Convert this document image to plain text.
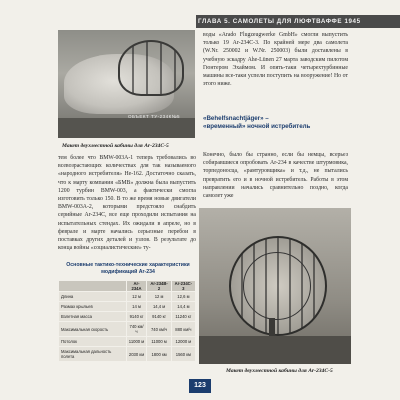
ГЛАВА 5. САМОЛЕТЫ ДЛЯ ЛЮФТВАФФЕ 1945
ОБЪЕКТ ТУ-234К№5
Макет двухместной кабины для Ar-234C-5
тем более что BMW-003A-1 теперь требовались во всевозрастающих количествах для так называемого «народного истребителя» He-162. Достаточно сказать, что к марту компания «БМВ» должна была выпустить 1200 турбин BMW-003, а фактически смогла изготовить только 150. В то же время новые двигатели BMW-003A-2, которыми предстояло снабдить серийные Ar-234C, все еще проходили испытания на испытательных стендах. Их ожидали в апреле, но в феврале и марте начались серьезные перебои в поставках других деталей и узлов. В результате до конца войны «социалистические» ту-
воды «Arado Flugzeugwerke GmbH» смогли выпустить только 19 Ar-234C-3. По крайней мере два самолета (W.Nr. 250002 и W.Nr. 250003) были доставлены в учебную эскадру Ahe-Lünen 27 марта заводским пилотом Гюнтером Эхаймом. И опять-таки четырехтурбинные машины все-таки успели поступить на вооружение! Но от этого ниже.
«Behelfsnachtjäger» –
«временный» ночной истребитель
Конечно, было бы странно, если бы немцы, всерьез собиравшиеся опробовать Ar-234 в качестве штурмовика, торпедоносца, «рамтуровщика» и т.д., не пытались превратить его и в ночной истребитель. Работы в этом направлении начались сравнительно поздно, когда самолет уже
Макет двухместной кабины для Ar-234C-5
Основные тактико-технические характеристики
модификаций Ar-234
	Ar-234A	Ar-234B-2	Ar-234C-3
Длина	12 м	12 м	12,6 м
Размах крыльев	14 м	14,4 м	14,4 м
Взлетная масса	9140 кг	9140 кг	11240 кг
Максимальная скорость	740 км/ч	740 км/ч	880 км/ч
Потолок	11000 м	11000 м	12000 м
Максимальная дальность полета	2030 км	1800 км	1560 км
123
